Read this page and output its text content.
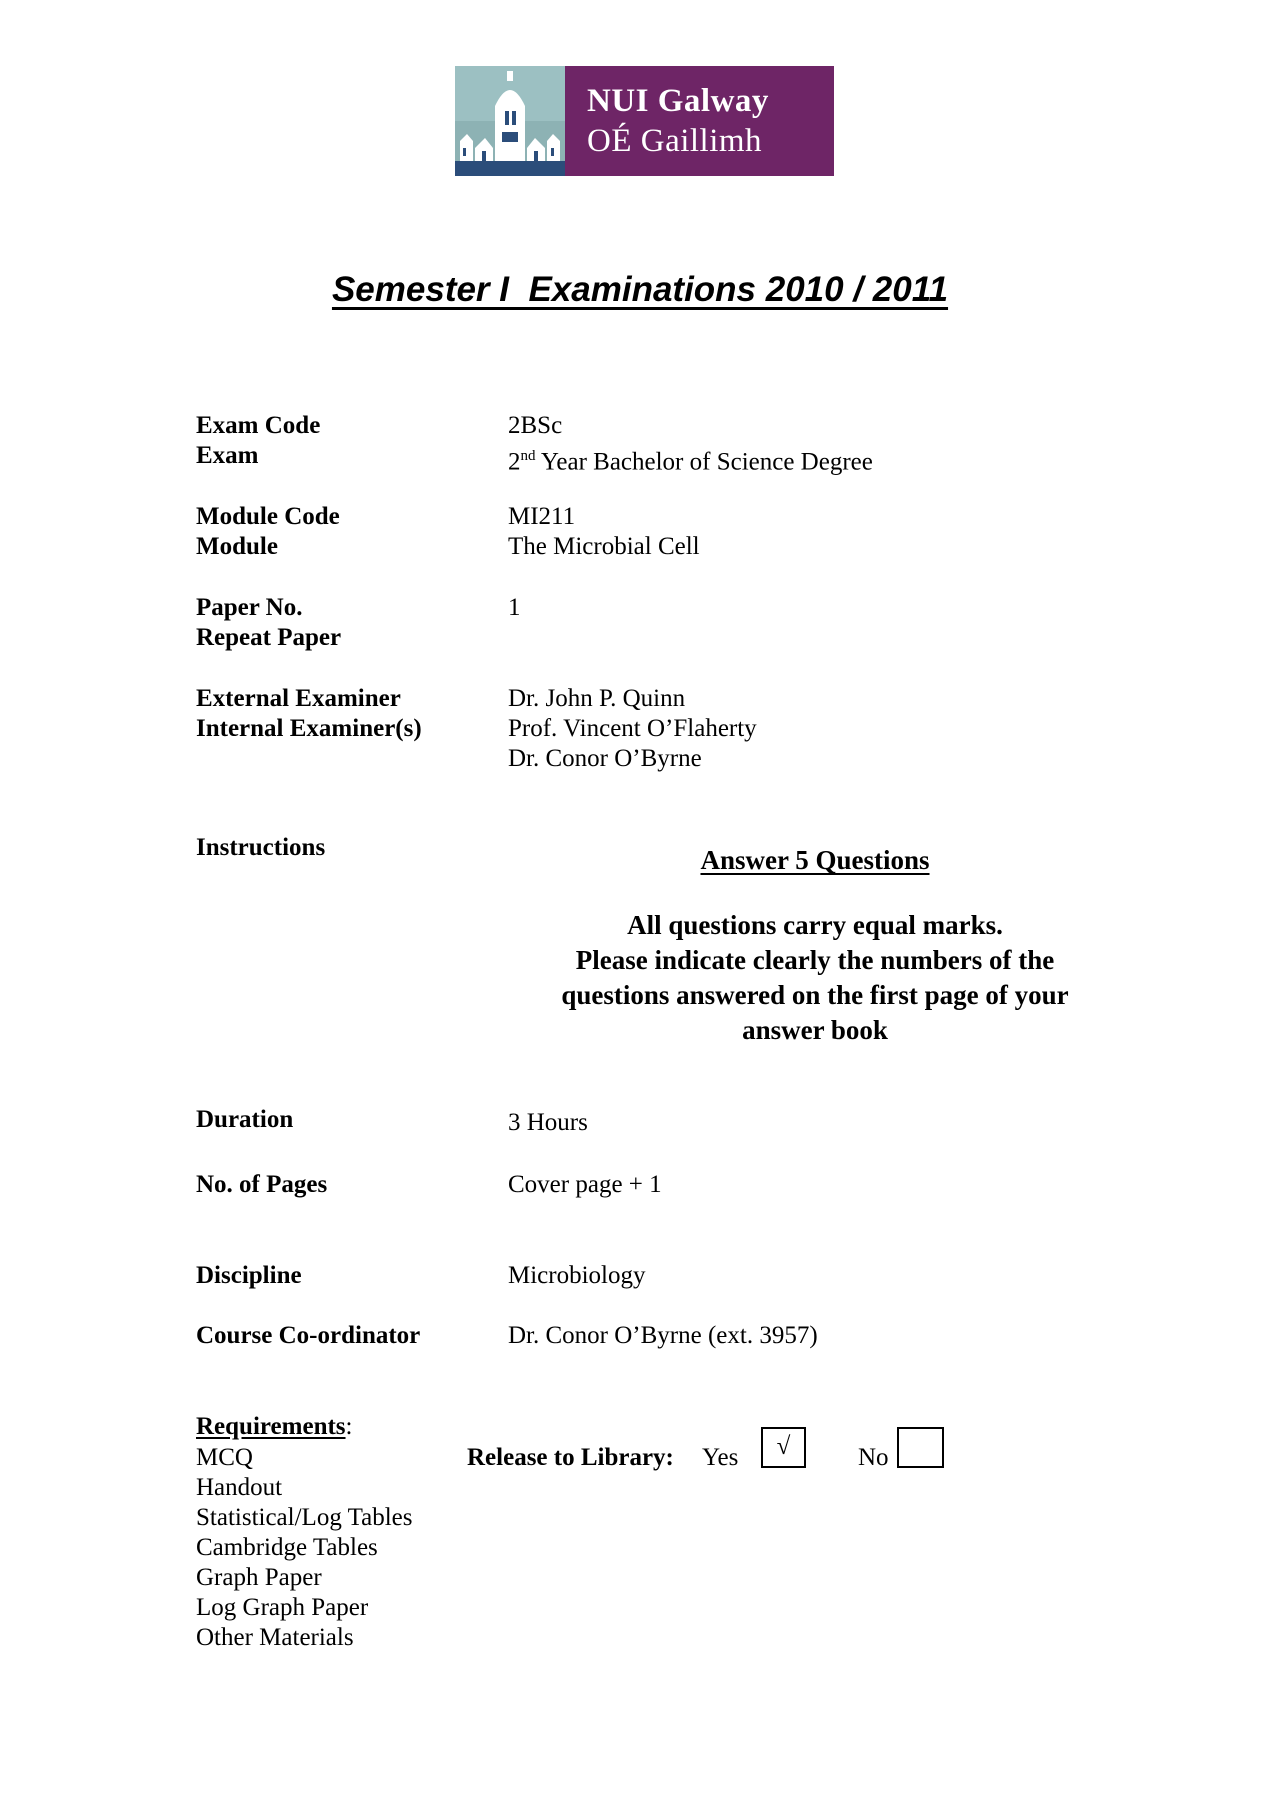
NUI Galway
OÉ Gaillimh
Semester I  Examinations 2010 / 2011
Exam Code	2BSc
Exam	2nd Year Bachelor of Science Degree
Module Code	MI211
Module	The Microbial Cell
Paper No.	1
Repeat Paper
External Examiner	Dr. John P. Quinn
Internal Examiner(s)	Prof. Vincent O’Flaherty
Dr. Conor O’Byrne
Instructions	Answer 5 Questions
All questions carry equal marks.
Please indicate clearly the numbers of the
questions answered on the first page of your
answer book
Duration	3 Hours
No. of Pages	Cover page + 1
Discipline	Microbiology
Course Co-ordinator	Dr. Conor O’Byrne (ext. 3957)
Requirements:
MCQ
Handout
Statistical/Log Tables
Cambridge Tables
Graph Paper
Log Graph Paper
Other Materials
Release to Library: Yes	√	No
